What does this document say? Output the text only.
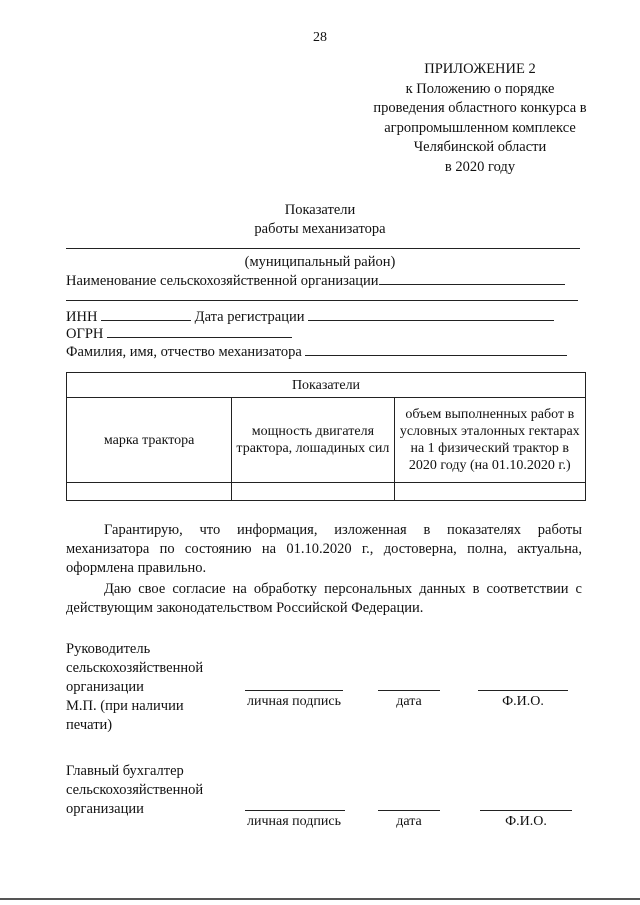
28
ПРИЛОЖЕНИЕ 2
к Положению о порядке
проведения областного конкурса в
агропромышленном комплексе
Челябинской области
в 2020 году
Показатели
работы механизатора
(муниципальный район)
Наименование сельскохозяйственной организации
ИНН	Дата регистрации
ОГРН
Фамилия, имя, отчество механизатора
Показатели		
марка трактора	мощность двигателя трактора, лошадиных сил	объем выполненных работ в условных эталонных гектарах на 1 физический трактор в 2020 году (на 01.10.2020 г.)

Гарантирую, что информация, изложенная в показателях работы механизатора по состоянию на 01.10.2020 г., достоверна, полна, актуальна, оформлена правильно.

Даю свое согласие на обработку персональных данных в соответствии с действующим законодательством Российской Федерации.

Руководитель
сельскохозяйственной
организации
М.П. (при наличии
печати)
личная подпись	дата	Ф.И.О.
Главный бухгалтер
сельскохозяйственной
организации
личная подпись	дата	Ф.И.О.
